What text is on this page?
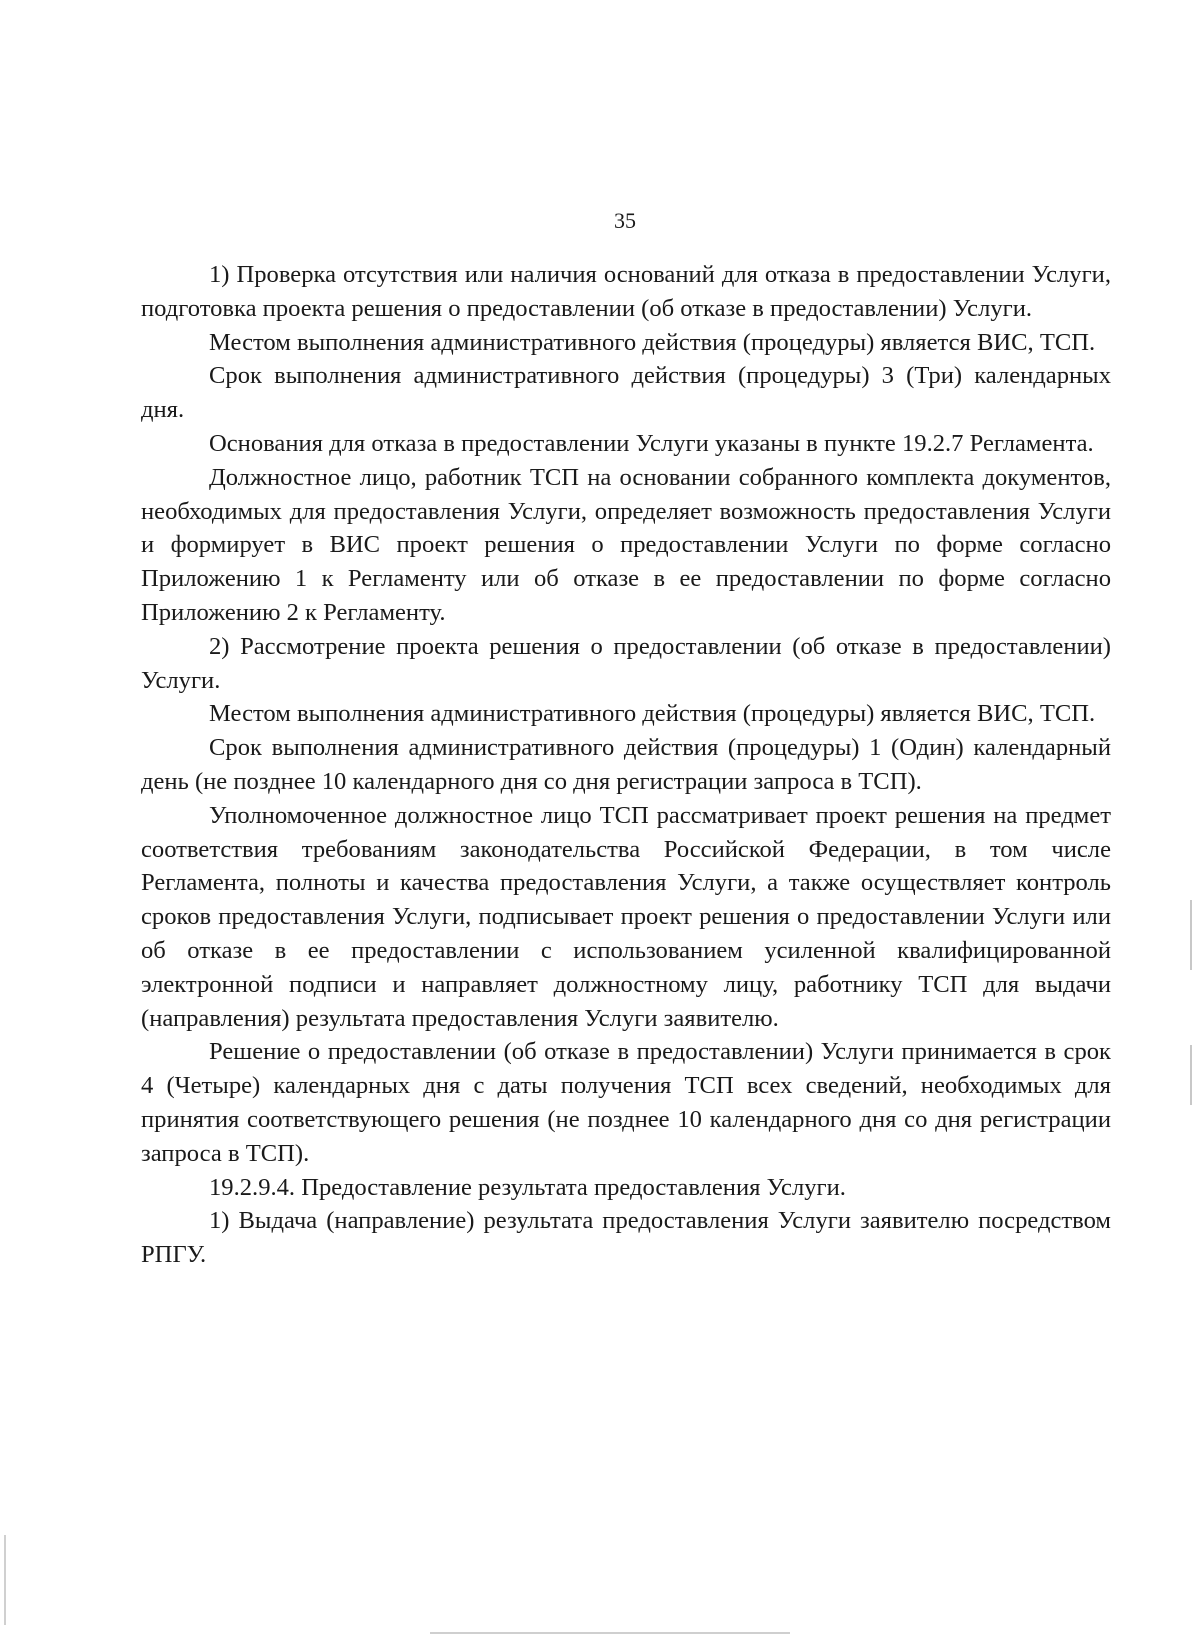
35

1) Проверка отсутствия или наличия оснований для отказа в предоставлении Услуги, подготовка проекта решения о предоставлении (об отказе в предоставлении) Услуги.

Местом выполнения административного действия (процедуры) является ВИС, ТСП.

Срок выполнения административного действия (процедуры) 3 (Три) календарных дня.

Основания для отказа в предоставлении Услуги указаны в пункте 19.2.7 Регламента.

Должностное лицо, работник ТСП на основании собранного комплекта документов, необходимых для предоставления Услуги, определяет возможность предоставления Услуги и формирует в ВИС проект решения о предоставлении Услуги по форме согласно Приложению 1 к Регламенту или об отказе в ее предоставлении по форме согласно Приложению 2 к Регламенту.

2) Рассмотрение проекта решения о предоставлении (об отказе в предоставлении) Услуги.

Местом выполнения административного действия (процедуры) является ВИС, ТСП.

Срок выполнения административного действия (процедуры) 1 (Один) календарный день (не позднее 10 календарного дня со дня регистрации запроса в ТСП).

Уполномоченное должностное лицо ТСП рассматривает проект решения на предмет соответствия требованиям законодательства Российской Федерации, в том числе Регламента, полноты и качества предоставления Услуги, а также осуществляет контроль сроков предоставления Услуги, подписывает проект решения о предоставлении Услуги или об отказе в ее предоставлении с использованием усиленной квалифицированной электронной подписи и направляет должностному лицу, работнику ТСП для выдачи (направления) результата предоставления Услуги заявителю.

Решение о предоставлении (об отказе в предоставлении) Услуги принимается в срок 4 (Четыре) календарных дня с даты получения ТСП всех сведений, необходимых для принятия соответствующего решения (не позднее 10 календарного дня со дня регистрации запроса в ТСП).

19.2.9.4. Предоставление результата предоставления Услуги.

1) Выдача (направление) результата предоставления Услуги заявителю посредством РПГУ.
